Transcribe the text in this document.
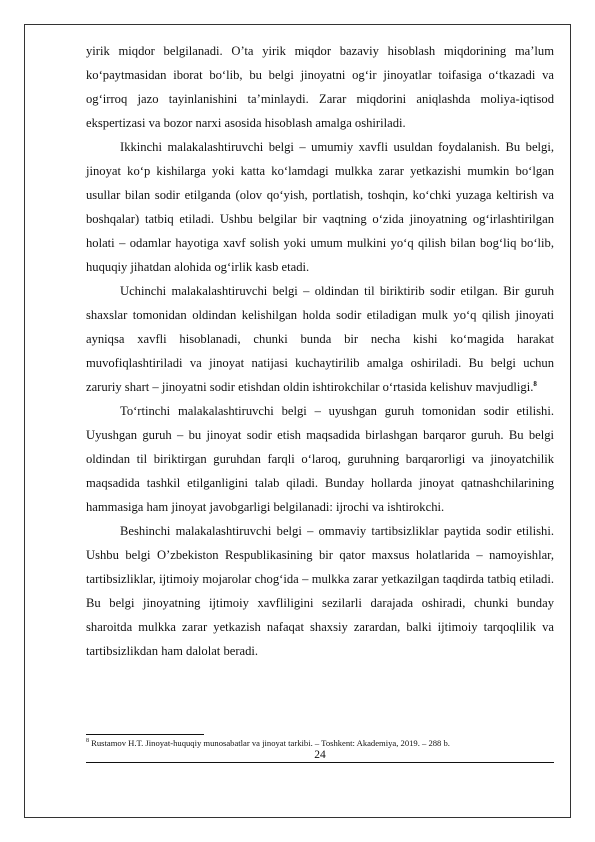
yirik miqdor belgilanadi. O’ta yirik miqdor bazaviy hisoblash miqdorining ma’lum ko‘paytmasidan iborat bo‘lib, bu belgi jinoyatni og‘ir jinoyatlar toifasiga o‘tkazadi va og‘irroq jazo tayinlanishini ta’minlaydi. Zarar miqdorini aniqlashda moliya-iqtisod ekspertizasi va bozor narxi asosida hisoblash amalga oshiriladi.

Ikkinchi malakalashtiruvchi belgi – umumiy xavfli usuldan foydalanish. Bu belgi, jinoyat ko‘p kishilarga yoki katta ko‘lamdagi mulkka zarar yetkazishi mumkin bo‘lgan usullar bilan sodir etilganda (olov qo‘yish, portlatish, toshqin, ko‘chki yuzaga keltirish va boshqalar) tatbiq etiladi. Ushbu belgilar bir vaqtning o‘zida jinoyatning og‘irlashtirilgan holati – odamlar hayotiga xavf solish yoki umum mulkini yo‘q qilish bilan bog‘liq bo‘lib, huquqiy jihatdan alohida og‘irlik kasb etadi.

Uchinchi malakalashtiruvchi belgi – oldindan til biriktirib sodir etilgan. Bir guruh shaxslar tomonidan oldindan kelishilgan holda sodir etiladigan mulk yo‘q qilish jinoyati ayniqsa xavfli hisoblanadi, chunki bunda bir necha kishi ko‘magida harakat muvofiqlashtiriladi va jinoyat natijasi kuchaytirilib amalga oshiriladi. Bu belgi uchun zaruriy shart – jinoyatni sodir etishdan oldin ishtirokchilar o‘rtasida kelishuv mavjudligi.$^8$

To‘rtinchi malakalashtiruvchi belgi – uyushgan guruh tomonidan sodir etilishi. Uyushgan guruh – bu jinoyat sodir etish maqsadida birlashgan barqaror guruh. Bu belgi oldindan til biriktirgan guruhdan farqli o‘laroq, guruhning barqarorligi va jinoyatchilik maqsadida tashkil etilganligini talab qiladi. Bunday hollarda jinoyat qatnashchilarining hammasiga ham jinoyat javobgarligi belgilanadi: ijrochi va ishtirokchi.

Beshinchi malakalashtiruvchi belgi – ommaviy tartibsizliklar paytida sodir etilishi. Ushbu belgi O’zbekiston Respublikasining bir qator maxsus holatlarida – namoyishlar, tartibsizliklar, ijtimoiy mojarolar chog‘ida – mulkka zarar yetkazilgan taqdirda tatbiq etiladi. Bu belgi jinoyatning ijtimoiy xavfliligini sezilarli darajada oshiradi, chunki bunday sharoitda mulkka zarar yetkazish nafaqat shaxsiy zarardan, balki ijtimoiy tarqoqlilik va tartibsizlikdan ham dalolat beradi.

$^8$ Rustamov H.T. Jinoyat-huquqiy munosabatlar va jinoyat tarkibi. – Toshkent: Akademiya, 2019. – 288 b.
24
